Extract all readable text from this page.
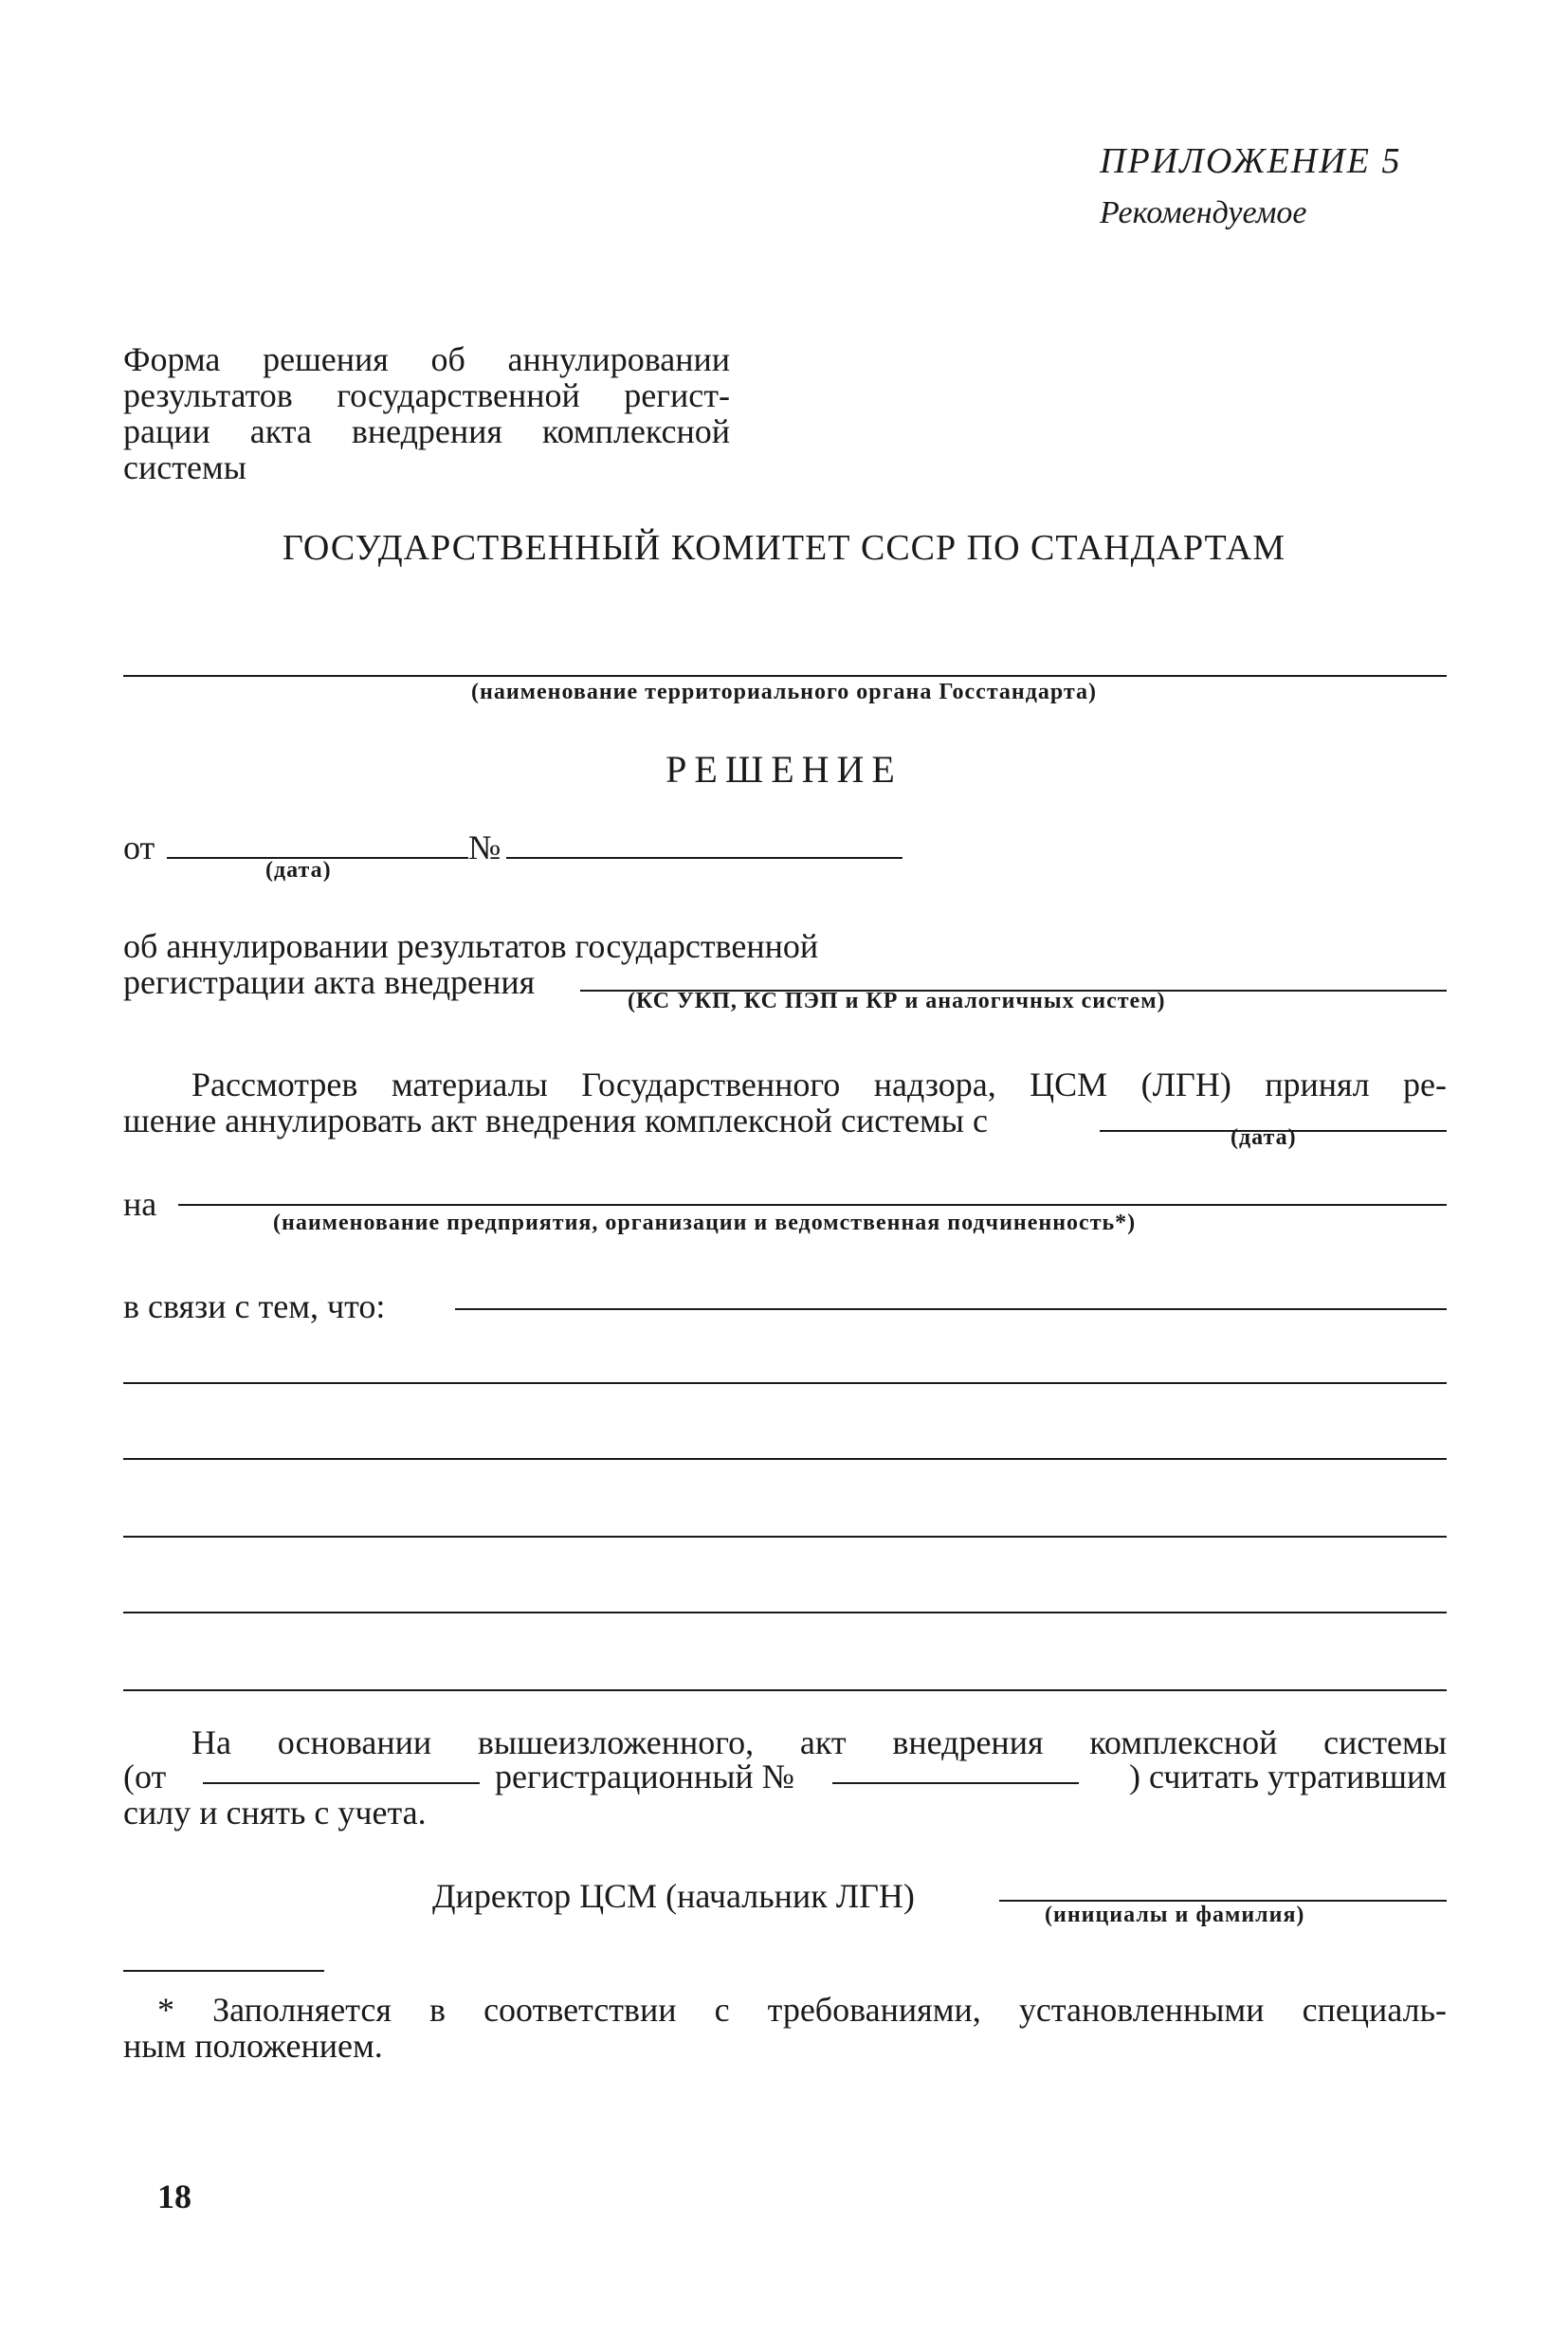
ПРИЛОЖЕНИЕ 5
Рекомендуемое
Форма решения об аннулировании
результатов государственной регист-
рации акта внедрения комплексной
системы
ГОСУДАРСТВЕННЫЙ КОМИТЕТ СССР ПО СТАНДАРТАМ
(наименование территориального органа Госстандарта)
РЕШЕНИЕ
от	№
(дата)
об аннулировании результатов государственной
регистрации акта внедрения	(КС УКП, КС ПЭП и КР и аналогичных систем)
Рассмотрев материалы Государственного надзора, ЦСМ (ЛГН) принял ре-
шение аннулировать акт внедрения комплексной системы с	(дата)
на	(наименование предприятия, организации и ведомственная подчиненность*)
в связи с тем, что:
На основании вышеизложенного, акт внедрения комплексной системы
(от	регистрационный №	) считать утратившим
силу и снять с учета.
Директор ЦСМ (начальник ЛГН)	(инициалы и фамилия)
* Заполняется в соответствии с требованиями, установленными специаль-
ным положением.
18
